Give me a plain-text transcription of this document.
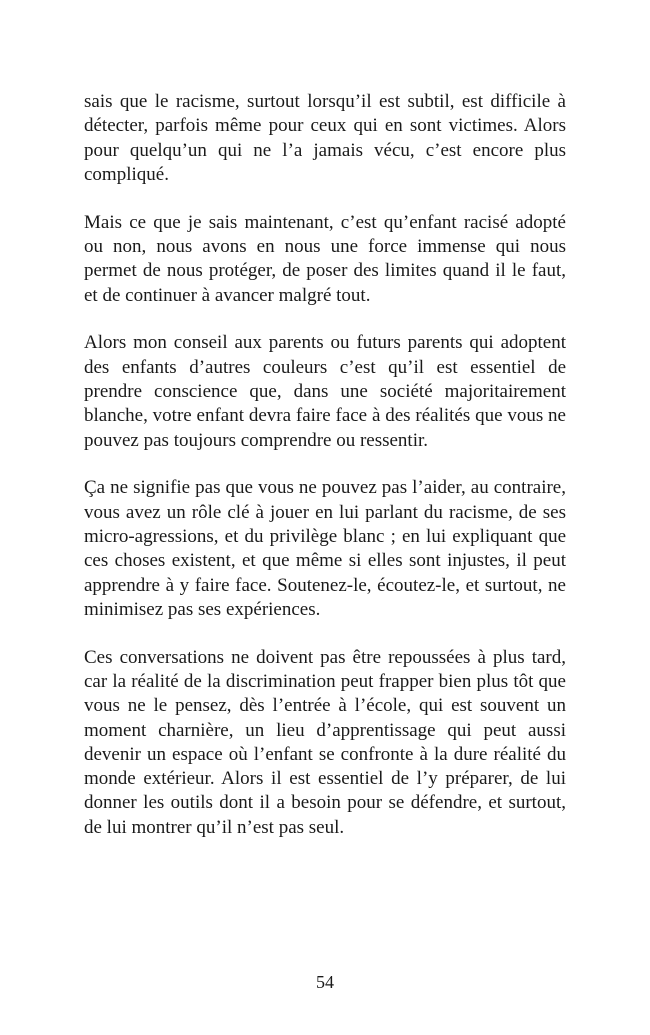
sais que le racisme, surtout lorsqu’il est subtil, est difficile à détecter, parfois même pour ceux qui en sont victimes. Alors pour quelqu’un qui ne l’a jamais vécu, c’est encore plus compliqué.

Mais ce que je sais maintenant, c’est qu’enfant racisé adopté ou non, nous avons en nous une force immense qui nous permet de nous protéger, de poser des limites quand il le faut, et de continuer à avancer malgré tout.

Alors mon conseil aux parents ou futurs parents qui adoptent des enfants d’autres couleurs c’est qu’il est essentiel de prendre conscience que, dans une société majoritairement blanche, votre enfant devra faire face à des réalités que vous ne pouvez pas toujours comprendre ou ressentir.

Ça ne signifie pas que vous ne pouvez pas l’aider, au contraire, vous avez un rôle clé à jouer en lui parlant du racisme, de ses micro-agressions, et du privilège blanc ; en lui expliquant que ces choses existent, et que même si elles sont injustes, il peut apprendre à y faire face. Soutenez-le, écoutez-le, et surtout, ne minimisez pas ses expériences.

Ces conversations ne doivent pas être repoussées à plus tard, car la réalité de la discrimination peut frapper bien plus tôt que vous ne le pensez, dès l’entrée à l’école, qui est souvent un moment charnière, un lieu d’apprentissage qui peut aussi devenir un espace où l’enfant se confronte à la dure réalité du monde extérieur. Alors il est essentiel de l’y préparer, de lui donner les outils dont il a besoin pour se défendre, et surtout, de lui montrer qu’il n’est pas seul.

54
